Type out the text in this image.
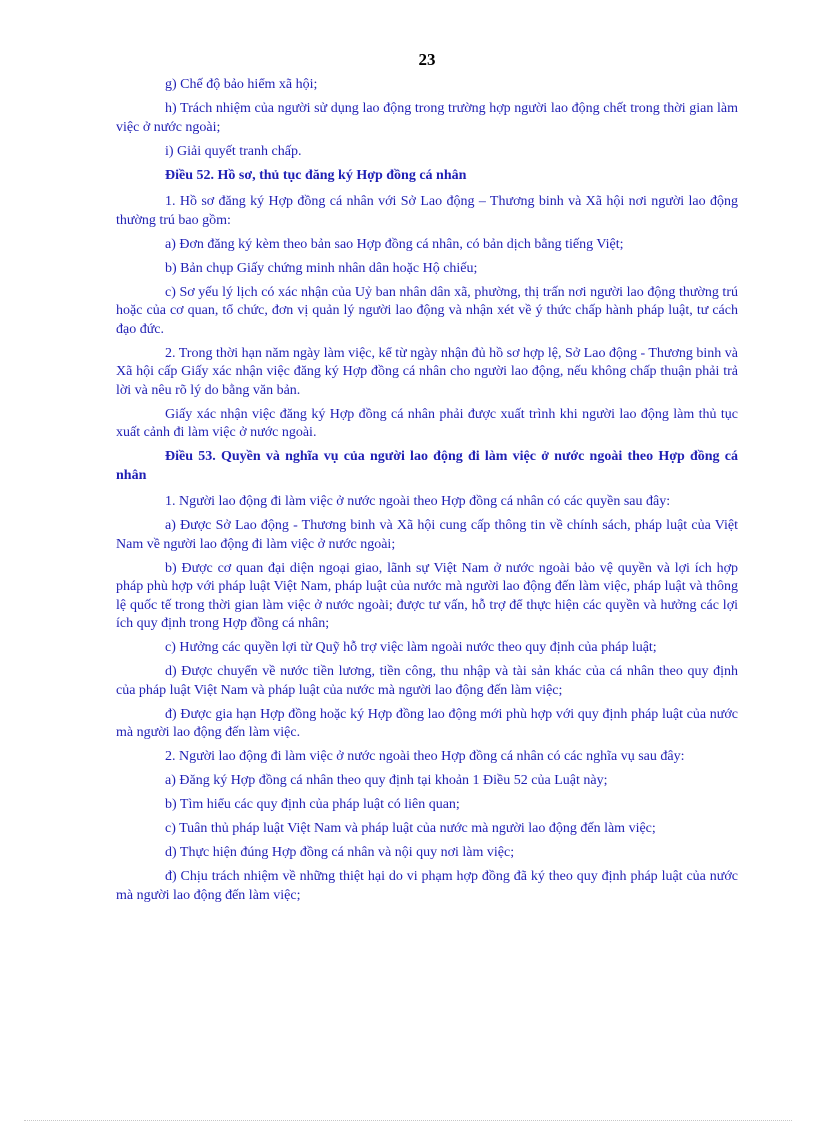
23

g) Chế độ bảo hiểm xã hội;

h) Trách nhiệm của người sử dụng lao động trong trường hợp người lao động chết trong thời gian làm việc ở nước ngoài;

i) Giải quyết tranh chấp.

Điều 52. Hồ sơ, thủ tục đăng ký Hợp đồng cá nhân

1. Hồ sơ đăng ký Hợp đồng cá nhân với Sở Lao động – Thương binh và Xã hội nơi người lao động thường trú bao gồm:

a) Đơn đăng ký kèm theo bản sao Hợp đồng cá nhân, có bản dịch bằng tiếng Việt;

b) Bản chụp Giấy chứng minh nhân dân hoặc Hộ chiếu;

c) Sơ yếu lý lịch có xác nhận của Uỷ ban nhân dân xã, phường, thị trấn nơi người lao động thường trú hoặc của cơ quan, tổ chức, đơn vị quản lý người lao động và nhận xét về ý thức chấp hành pháp luật, tư cách đạo đức.

2. Trong thời hạn năm ngày làm việc, kể từ ngày nhận đủ hồ sơ hợp lệ, Sở Lao động - Thương binh và Xã hội cấp Giấy xác nhận việc đăng ký Hợp đồng cá nhân cho người lao động, nếu không chấp thuận phải trả lời và nêu rõ lý do bằng văn bản.

Giấy xác nhận việc đăng ký Hợp đồng cá nhân phải được xuất trình khi người lao động làm thủ tục xuất cảnh đi làm việc ở nước ngoài.

Điều 53. Quyền và nghĩa vụ của người lao động đi làm việc ở nước ngoài theo Hợp đồng cá nhân

1. Người lao động đi làm việc ở nước ngoài theo Hợp đồng cá nhân có các quyền sau đây:

a) Được Sở Lao động - Thương binh và Xã hội cung cấp thông tin về chính sách, pháp luật của Việt Nam về người lao động đi làm việc ở nước ngoài;

b) Được cơ quan đại diện ngoại giao, lãnh sự Việt Nam ở nước ngoài bảo vệ quyền và lợi ích hợp pháp phù hợp với pháp luật Việt Nam, pháp luật của nước mà người lao động đến làm việc, pháp luật và thông lệ quốc tế trong thời gian làm việc ở nước ngoài; được tư vấn, hỗ trợ để thực hiện các quyền và hưởng các lợi ích quy định trong Hợp đồng cá nhân;

c) Hưởng các quyền lợi từ Quỹ hỗ trợ việc làm ngoài nước theo quy định của pháp luật;

d) Được chuyển về nước tiền lương, tiền công, thu nhập và tài sản khác của cá nhân theo quy định của pháp luật Việt Nam và pháp luật của nước mà người lao động đến làm việc;

đ) Được gia hạn Hợp đồng hoặc ký Hợp đồng lao động mới phù hợp với quy định pháp luật của nước mà người lao động đến làm việc.

2. Người lao động đi làm việc ở nước ngoài theo Hợp đồng cá nhân có các nghĩa vụ sau đây:

a) Đăng ký Hợp đồng cá nhân theo quy định tại khoản 1 Điều 52 của Luật này;

b) Tìm hiểu các quy định của pháp luật có liên quan;

c) Tuân thủ pháp luật Việt Nam và pháp luật của nước mà người lao động đến làm việc;

d) Thực hiện đúng Hợp đồng cá nhân và nội quy nơi làm việc;

đ) Chịu trách nhiệm về những thiệt hại do vi phạm hợp đồng đã ký theo quy định pháp luật của nước mà người lao động đến làm việc;
